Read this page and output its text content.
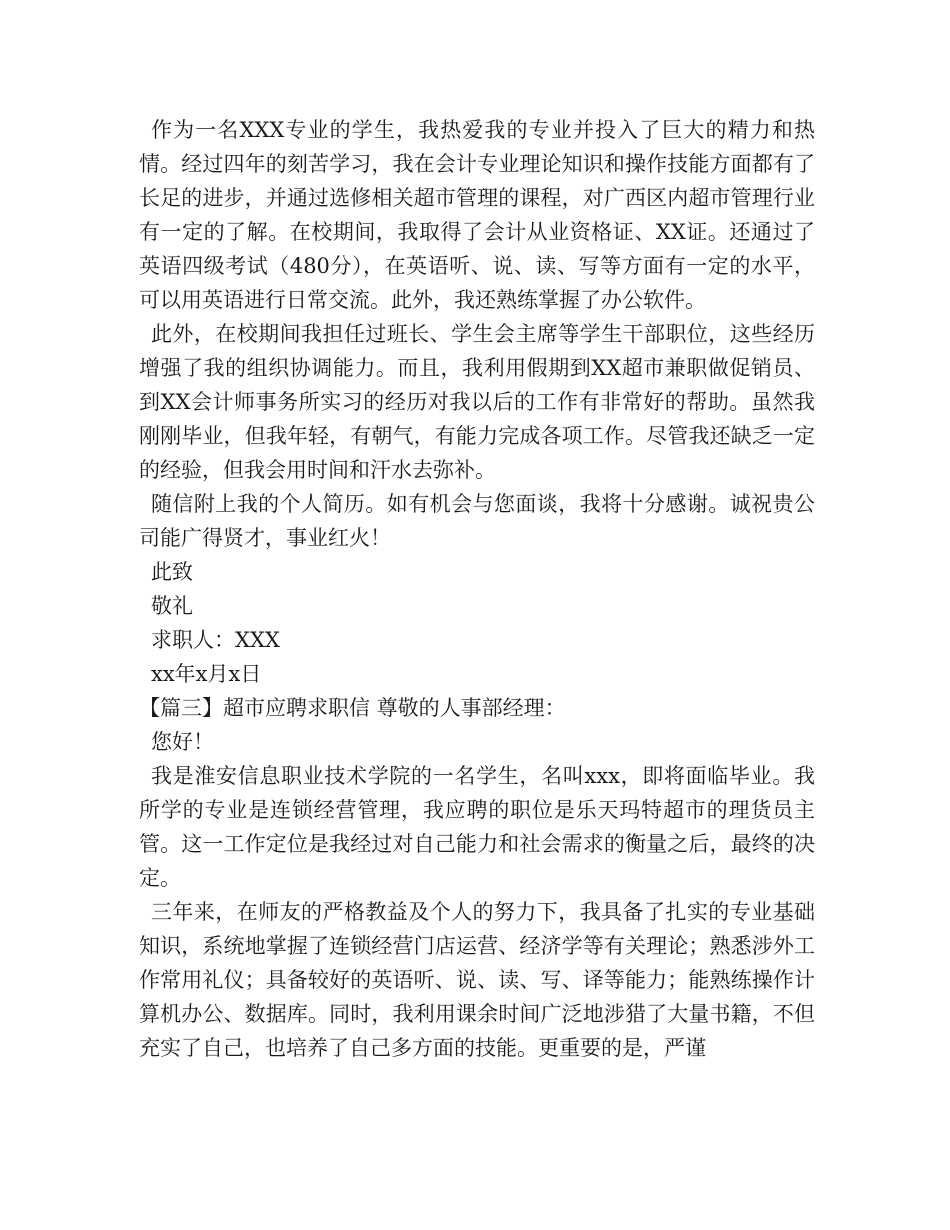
作为一名XXX专业的学生，我热爱我的专业并投入了巨大的精力和热情。经过四年的刻苦学习，我在会计专业理论知识和操作技能方面都有了长足的进步，并通过选修相关超市管理的课程，对广西区内超市管理行业有一定的了解。在校期间，我取得了会计从业资格证、XX证。还通过了英语四级考试（480分），在英语听、说、读、写等方面有一定的水平，可以用英语进行日常交流。此外，我还熟练掌握了办公软件。

此外，在校期间我担任过班长、学生会主席等学生干部职位，这些经历增强了我的组织协调能力。而且，我利用假期到XX超市兼职做促销员、到XX会计师事务所实习的经历对我以后的工作有非常好的帮助。虽然我刚刚毕业，但我年轻，有朝气，有能力完成各项工作。尽管我还缺乏一定的经验，但我会用时间和汗水去弥补。

随信附上我的个人简历。如有机会与您面谈，我将十分感谢。诚祝贵公司能广得贤才，事业红火！

此致

敬礼

求职人：XXX

xx年x月x日

【篇三】超市应聘求职信 尊敬的人事部经理：

您好！

我是淮安信息职业技术学院的一名学生，名叫xxx，即将面临毕业。我所学的专业是连锁经营管理，我应聘的职位是乐天玛特超市的理货员主管。这一工作定位是我经过对自己能力和社会需求的衡量之后，最终的决定。

三年来，在师友的严格教益及个人的努力下，我具备了扎实的专业基础知识，系统地掌握了连锁经营门店运营、经济学等有关理论；熟悉涉外工作常用礼仪；具备较好的英语听、说、读、写、译等能力；能熟练操作计算机办公、数据库。同时，我利用课余时间广泛地涉猎了大量书籍，不但充实了自己，也培养了自己多方面的技能。更重要的是，严谨
